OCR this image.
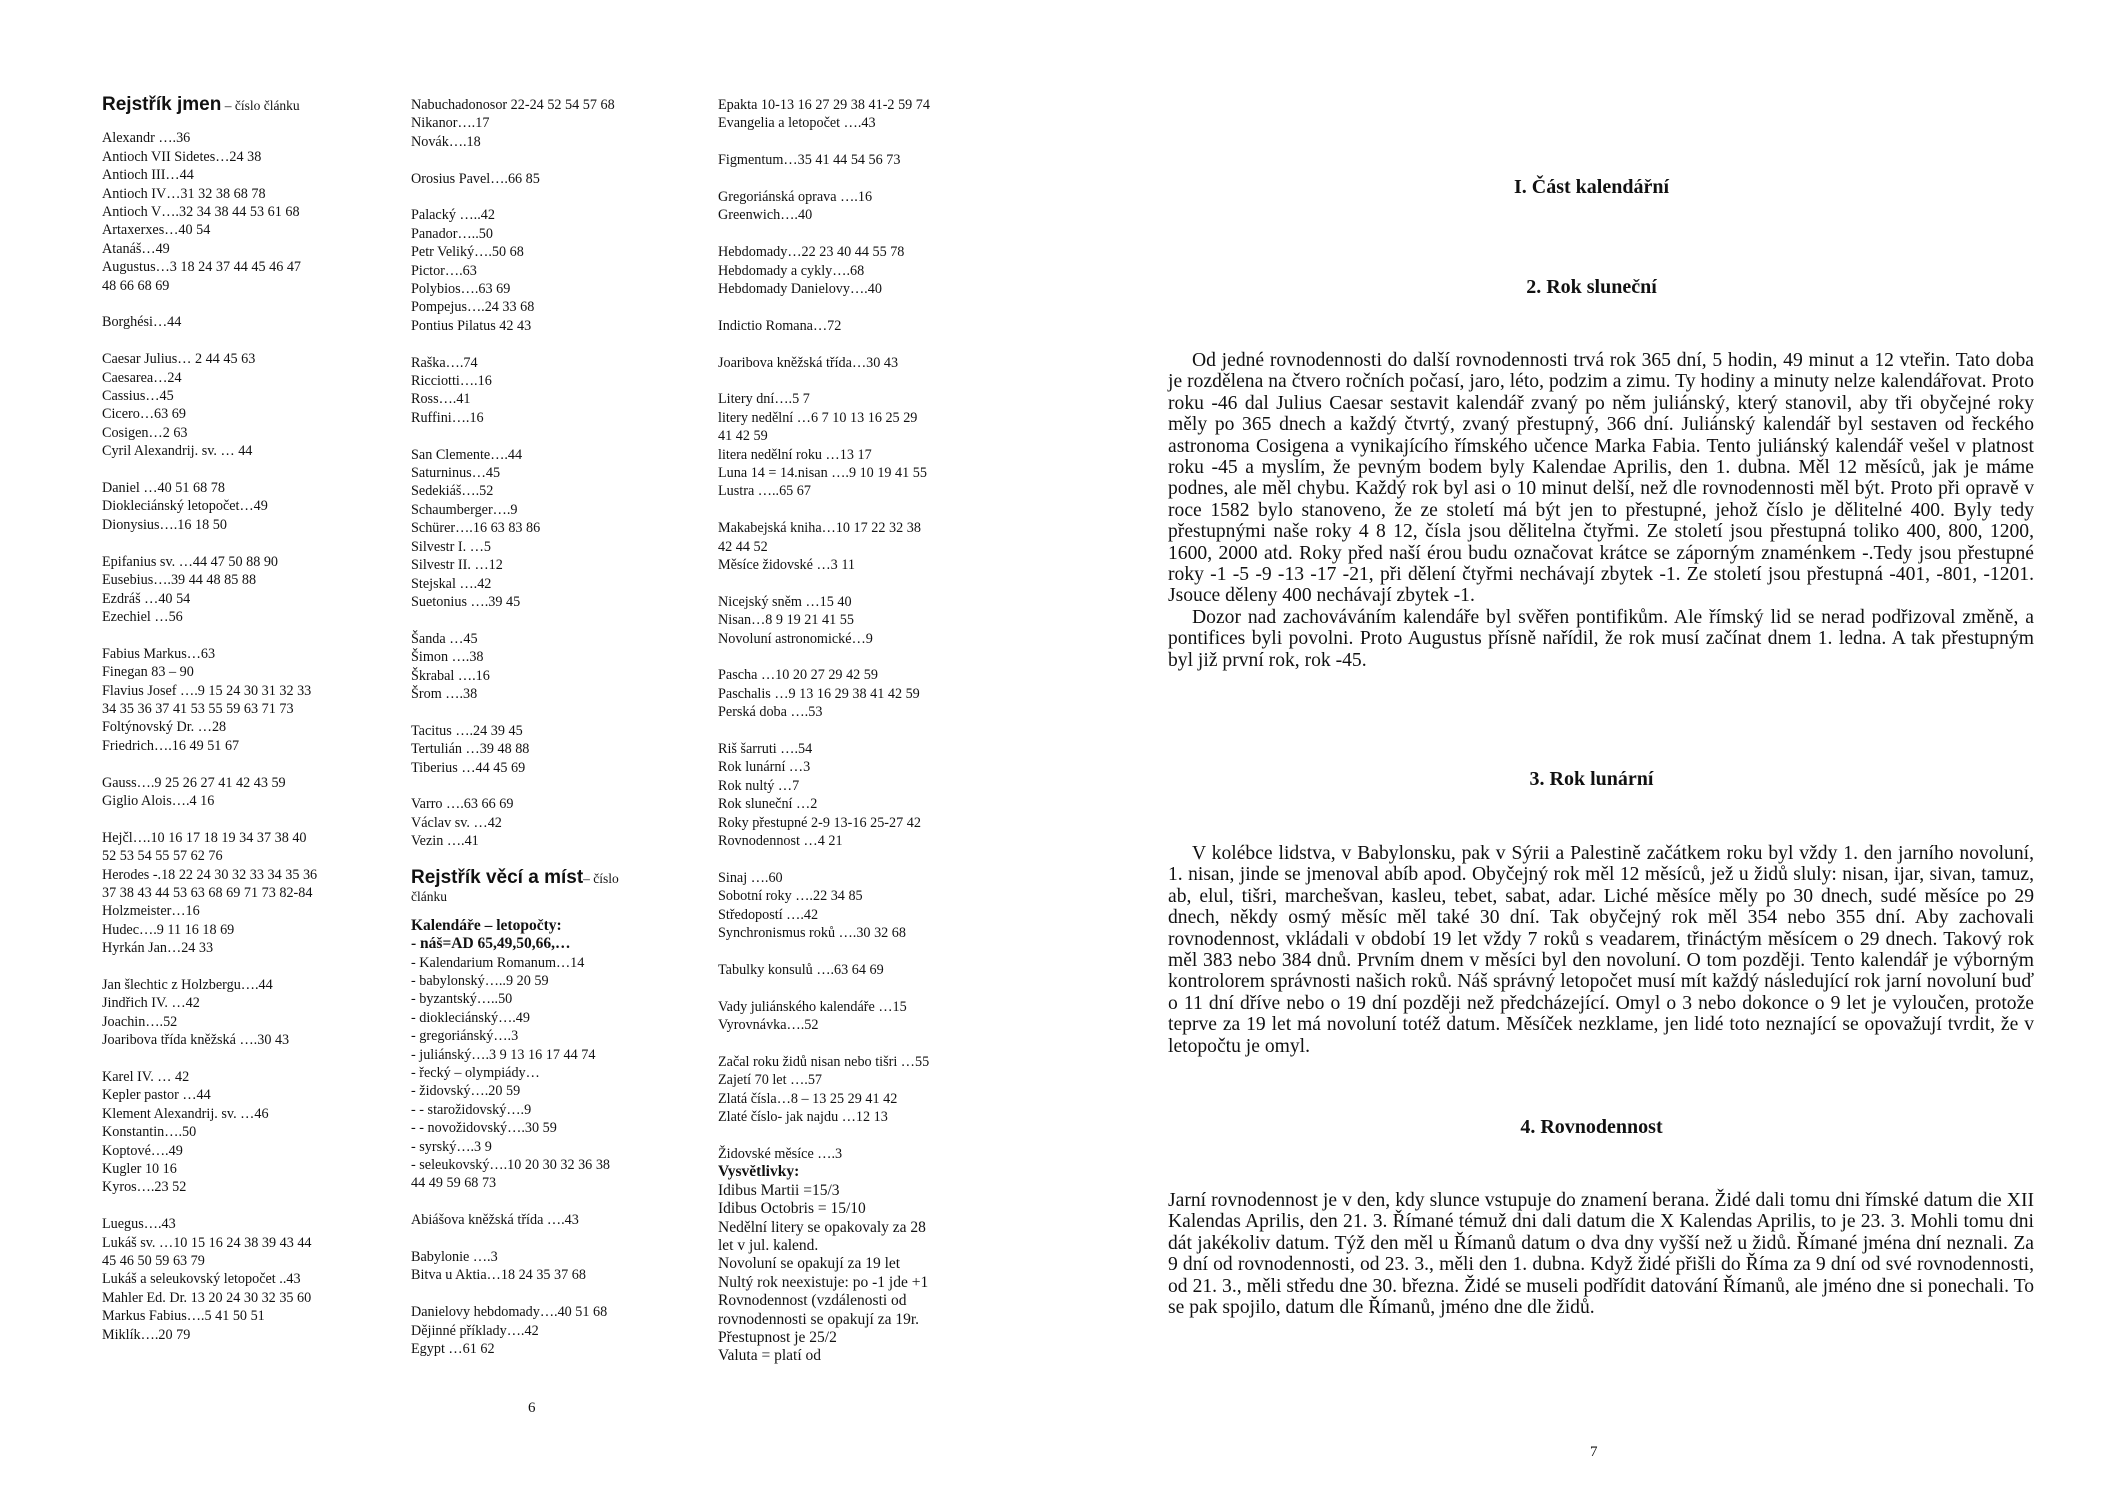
Rejstřík jmen – číslo článku
Alexandr ….36
Antioch VII Sidetes…24 38
Antioch III…44
Antioch IV…31 32 38 68 78
Antioch V….32 34 38 44 53 61 68
Artaxerxes…40 54
Atanáš…49
Augustus…3 18 24 37 44 45 46 47
48 66 68 69
Borghési…44
Caesar Julius… 2 44 45 63
Caesarea…24
Cassius…45
Cicero…63 69
Cosigen…2 63
Cyril Alexandrij. sv. … 44
Daniel …40 51 68 78
Diokleciánský letopočet…49
Dionysius….16 18 50
Epifanius sv. …44 47 50 88 90
Eusebius….39 44 48 85 88
Ezdráš …40 54
Ezechiel …56
Fabius Markus…63
Finegan 83 – 90
Flavius Josef ….9 15 24 30 31 32 33
34 35 36 37 41 53 55 59 63 71 73
Foltýnovský Dr. …28
Friedrich….16 49 51 67
Gauss….9 25 26 27 41 42 43 59
Giglio Alois….4 16
Hejčl….10 16 17 18 19 34 37 38 40
52 53 54 55 57 62 76
Herodes -.18 22 24 30 32 33 34 35 36
37 38 43 44 53 63 68 69 71 73 82-84
Holzmeister…16
Hudec….9 11 16 18 69
Hyrkán Jan…24 33
Jan šlechtic z Holzbergu….44
Jindřich IV. …42
Joachin….52
Joaribova třída kněžská ….30 43
Karel IV. … 42
Kepler pastor …44
Klement Alexandrij. sv. …46
Konstantin….50
Koptové….49
Kugler 10 16
Kyros….23 52
Luegus….43
Lukáš sv. …10 15 16 24 38 39 43 44
45 46 50 59 63 79
Lukáš a seleukovský letopočet ..43
Mahler Ed. Dr. 13 20 24 30 32 35 60
Markus Fabius….5 41 50 51
Miklík….20 79
Nabuchadonosor 22-24 52 54 57 68
Nikanor….17
Novák….18
Orosius Pavel….66 85
Palacký …..42
Panador…..50
Petr Veliký….50 68
Pictor….63
Polybios….63 69
Pompejus….24 33 68
Pontius Pilatus 42 43
Raška….74
Ricciotti….16
Ross….41
Ruffini….16
San Clemente….44
Saturninus…45
Sedekiáš….52
Schaumberger….9
Schürer….16 63 83 86
Silvestr I. …5
Silvestr II. …12
Stejskal ….42
Suetonius ….39 45
Šanda …45
Šimon ….38
Škrabal ….16
Šrom ….38
Tacitus ….24 39 45
Tertulián …39 48 88
Tiberius …44 45 69
Varro ….63 66 69
Václav sv. …42
Vezin ….41
Rejstřík věcí a míst– číslo
článku
Kalendáře – letopočty:
- náš=AD 65,49,50,66,…
- Kalendarium Romanum…14
- babylonský…..9 20 59
- byzantský…..50
- diokleciánský….49
- gregoriánský….3
- juliánský….3 9 13 16 17 44 74
- řecký – olympiády…
- židovský….20 59
- - starožidovský….9
- - novožidovský….30 59
- syrský….3 9
- seleukovský….10 20 30 32 36 38
44 49 59 68 73
Abiášova kněžská třída ….43
Babylonie ….3
Bitva u Aktia…18 24 35 37 68
Danielovy hebdomady….40 51 68
Dějinné příklady….42
Egypt …61 62
Epakta 10-13 16 27 29 38 41-2 59 74
Evangelia a letopočet ….43
Figmentum…35 41 44 54 56 73
Gregoriánská oprava ….16
Greenwich….40
Hebdomady…22 23 40 44 55 78
Hebdomady a cykly….68
Hebdomady Danielovy….40
Indictio Romana…72
Joaribova kněžská třída…30 43
Litery dní….5 7
litery nedělní …6 7 10 13 16 25 29
41 42 59
litera nedělní roku …13 17
Luna 14 = 14.nisan ….9 10 19 41 55
Lustra …..65 67
Makabejská kniha…10 17 22 32 38
42 44 52
Měsíce židovské …3 11
Nicejský sněm …15 40
Nisan…8 9 19 21 41 55
Novoluní astronomické…9
Pascha …10 20 27 29 42 59
Paschalis …9 13 16 29 38 41 42 59
Perská doba ….53
Riš šarruti ….54
Rok lunární …3
Rok nultý …7
Rok sluneční …2
Roky přestupné 2-9 13-16 25-27 42
Rovnodennost …4 21
Sinaj ….60
Sobotní roky ….22 34 85
Středopostí ….42
Synchronismus roků ….30 32 68
Tabulky konsulů ….63 64 69
Vady juliánského kalendáře …15
Vyrovnávka….52
Začal roku židů nisan nebo tišri …55
Zajetí 70 let ….57
Zlatá čísla…8 – 13 25 29 41 42
Zlaté číslo- jak najdu …12 13
Židovské měsíce ….3
Vysvětlivky:
Idibus Martii =15/3
Idibus Octobris = 15/10
Nedělní litery se opakovaly za 28
let v jul. kalend.
Novoluní se opakují za 19 let
Nultý rok neexistuje: po -1 jde +1
Rovnodennost (vzdálenosti od
rovnodennosti se opakují za 19r.
Přestupnost je 25/2
Valuta = platí od
6
I. Část kalendářní
2. Rok sluneční

Od jedné rovnodennosti do další rovnodennosti trvá rok 365 dní, 5 hodin, 49 minut a 12 vteřin. Tato doba je rozdělena na čtvero ročních počasí, jaro, léto, podzim a zimu. Ty hodiny a minuty nelze kalendářovat. Proto roku -46 dal Julius Caesar sestavit kalendář zvaný po něm juliánský, který stanovil, aby tři obyčejné roky měly po 365 dnech a každý čtvrtý, zvaný přestupný, 366 dní. Juliánský kalendář byl sestaven od řeckého astronoma Cosigena a vynikajícího římského učence Marka Fabia. Tento juliánský kalendář vešel v platnost roku -45 a myslím, že pevným bodem byly Kalendae Aprilis, den 1. dubna. Měl 12 měsíců, jak je máme podnes, ale měl chybu. Každý rok byl asi o 10 minut delší, než dle rovnodennosti měl být. Proto při opravě v roce 1582 bylo stanoveno, že ze století má být jen to přestupné, jehož číslo je dělitelné 400. Byly tedy přestupnými naše roky 4 8 12, čísla jsou dělitelna čtyřmi. Ze století jsou přestupná toliko 400, 800, 1200, 1600, 2000 atd. Roky před naší érou budu označovat krátce se záporným znaménkem -.Tedy jsou přestupné roky -1 -5 -9 -13 -17 -21, při dělení čtyřmi nechávají zbytek -1. Ze století jsou přestupná -401, -801, -1201. Jsouce děleny 400 nechávají zbytek -1.

Dozor nad zachováváním kalendáře byl svěřen pontifikům. Ale římský lid se nerad podřizoval změně, a pontifices byli povolni. Proto Augustus přísně nařídil, že rok musí začínat dnem 1. ledna. A tak přestupným byl již první rok, rok -45.

3. Rok lunární

V kolébce lidstva, v Babylonsku, pak v Sýrii a Palestině začátkem roku byl vždy 1. den jarního novoluní, 1. nisan, jinde se jmenoval abíb apod. Obyčejný rok měl 12 měsíců, jež u židů sluly: nisan, ijar, sivan, tamuz, ab, elul, tišri, marchešvan, kasleu, tebet, sabat, adar. Liché měsíce měly po 30 dnech, sudé měsíce po 29 dnech, někdy osmý měsíc měl také 30 dní. Tak obyčejný rok měl 354 nebo 355 dní. Aby zachovali rovnodennost, vkládali v období 19 let vždy 7 roků s veadarem, třináctým měsícem o 29 dnech. Takový rok měl 383 nebo 384 dnů. Prvním dnem v měsíci byl den novoluní. O tom později. Tento kalendář je výborným kontrolorem správnosti našich roků. Náš správný letopočet musí mít každý následující rok jarní novoluní buď o 11 dní dříve nebo o 19 dní později než předcházející. Omyl o 3 nebo dokonce o 9 let je vyloučen, protože teprve za 19 let má novoluní totéž datum. Měsíček nezklame, jen lidé toto neznající se opovažují tvrdit, že v letopočtu je omyl.

4. Rovnodennost

Jarní rovnodennost je v den, kdy slunce vstupuje do znamení berana. Židé dali tomu dni římské datum die XII Kalendas Aprilis, den 21. 3. Římané témuž dni dali datum die X Kalendas Aprilis, to je 23. 3. Mohli tomu dni dát jakékoliv datum. Týž den měl u Římanů datum o dva dny vyšší než u židů. Římané jména dní neznali. Za 9 dní od rovnodennosti, od 23. 3., měli den 1. dubna. Když židé přišli do Říma za 9 dní od své rovnodennosti, od 21. 3., měli středu dne 30. března. Židé se museli podřídit datování Římanů, ale jméno dne si ponechali. To se pak spojilo, datum dle Římanů, jméno dne dle židů.

7
